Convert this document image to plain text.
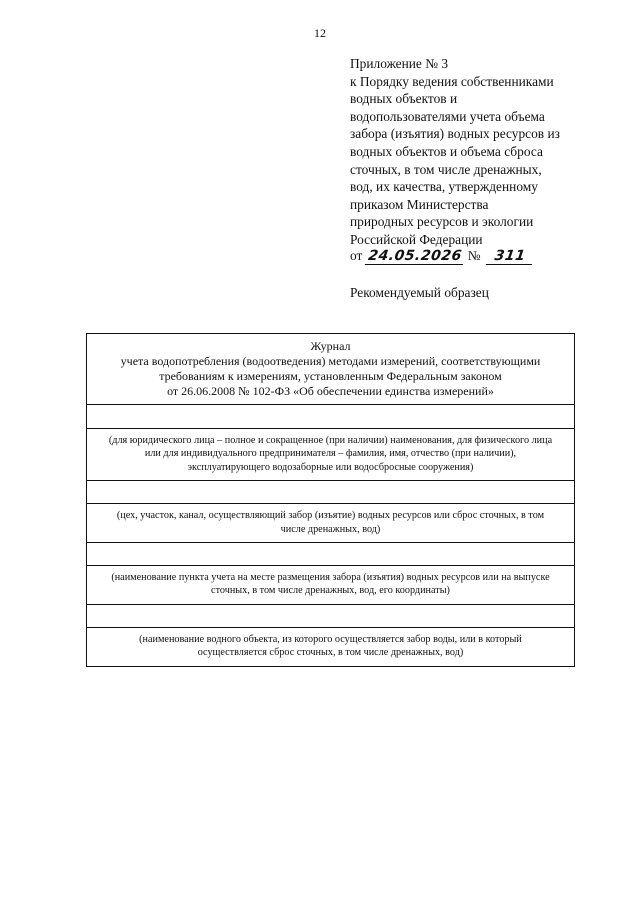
12
Приложение № 3
к Порядку ведения собственниками
водных объектов и
водопользователями учета объема
забора (изъятия) водных ресурсов из
водных объектов и объема сброса
сточных, в том числе дренажных,
вод, их качества, утвержденному
приказом Министерства
природных ресурсов и экологии
Российской Федерации
от 24.05.2026 № 311
Рекомендуемый образец
Журнал
учета водопотребления (водоотведения) методами измерений, соответствующими
требованиям к измерениям, установленным Федеральным законом
от 26.06.2008 № 102-ФЗ «Об обеспечении единства измерений»
(для юридического лица – полное и сокращенное (при наличии) наименования, для физического лица
или для индивидуального предпринимателя – фамилия, имя, отчество (при наличии),
эксплуатирующего водозаборные или водосбросные сооружения)
(цех, участок, канал, осуществляющий забор (изъятие) водных ресурсов или сброс сточных, в том
числе дренажных, вод)
(наименование пункта учета на месте размещения забора (изъятия) водных ресурсов или на выпуске
сточных, в том числе дренажных, вод, его координаты)
(наименование водного объекта, из которого осуществляется забор воды, или в который
осуществляется сброс сточных, в том числе дренажных, вод)
